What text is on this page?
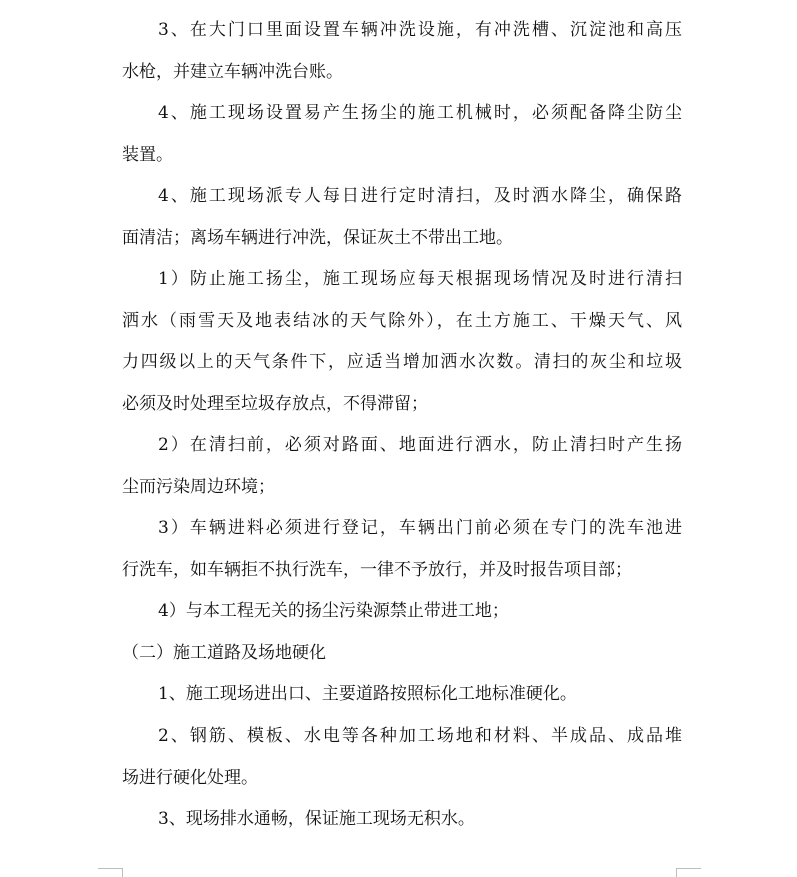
3、在大门口里面设置车辆冲洗设施，有冲洗槽、沉淀池和高压
水枪，并建立车辆冲洗台账。

4、施工现场设置易产生扬尘的施工机械时，必须配备降尘防尘
装置。

4、施工现场派专人每日进行定时清扫，及时洒水降尘，确保路
面清洁；离场车辆进行冲洗，保证灰土不带出工地。

1）防止施工扬尘，施工现场应每天根据现场情况及时进行清扫
洒水（雨雪天及地表结冰的天气除外），在土方施工、干燥天气、风
力四级以上的天气条件下，应适当增加洒水次数。清扫的灰尘和垃圾
必须及时处理至垃圾存放点，不得滞留；

2）在清扫前，必须对路面、地面进行洒水，防止清扫时产生扬
尘而污染周边环境；

3）车辆进料必须进行登记，车辆出门前必须在专门的洗车池进
行洗车，如车辆拒不执行洗车，一律不予放行，并及时报告项目部；

4）与本工程无关的扬尘污染源禁止带进工地；

（二）施工道路及场地硬化

1、施工现场进出口、主要道路按照标化工地标准硬化。

2、钢筋、模板、水电等各种加工场地和材料、半成品、成品堆
场进行硬化处理。

3、现场排水通畅，保证施工现场无积水。
